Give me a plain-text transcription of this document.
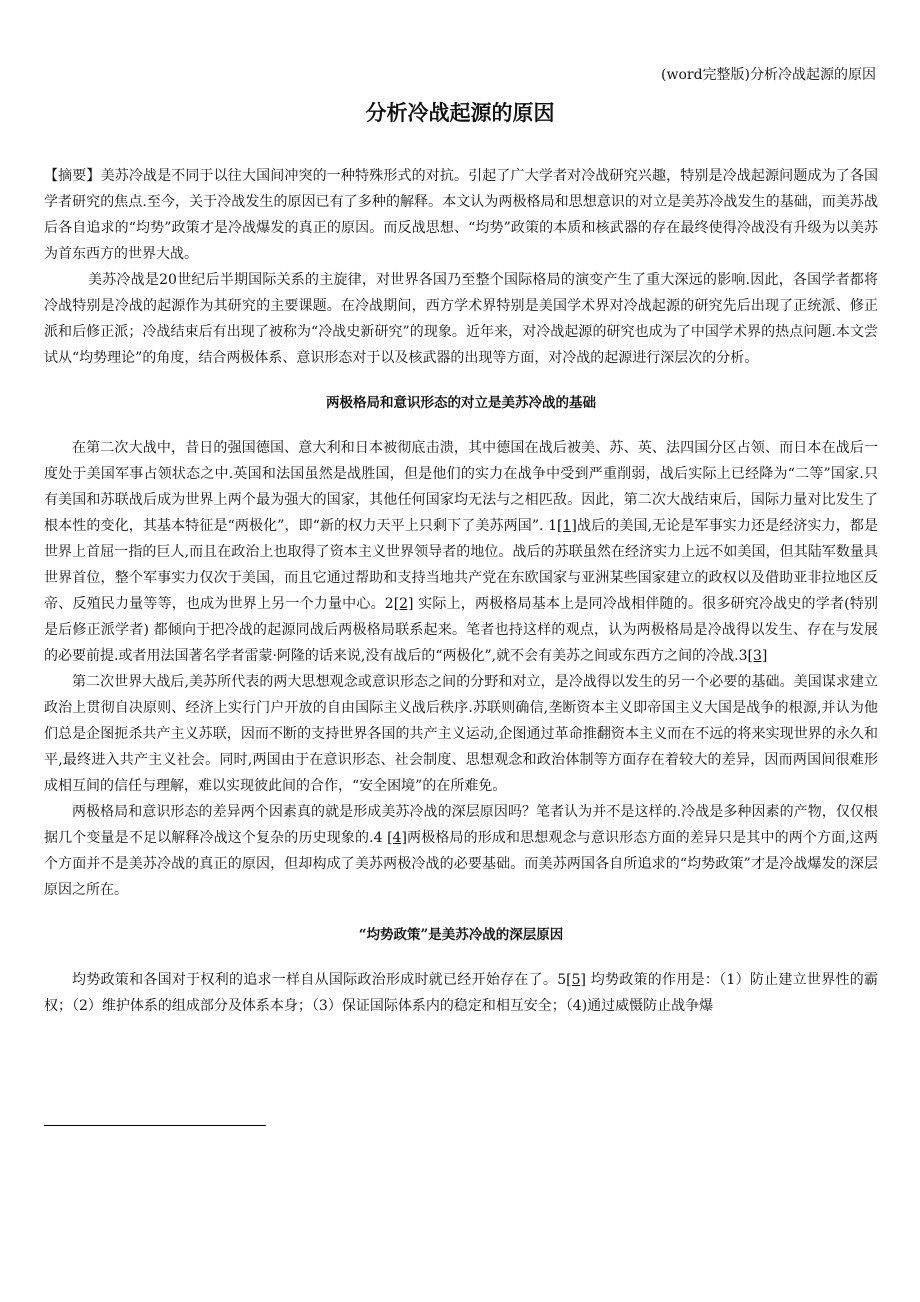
(word完整版)分析冷战起源的原因
分析冷战起源的原因

【摘要】美苏冷战是不同于以往大国间冲突的一种特殊形式的对抗。引起了广大学者对冷战研究兴趣，特别是冷战起源问题成为了各国学者研究的焦点.至今，关于冷战发生的原因已有了多种的解释。本文认为两极格局和思想意识的对立是美苏冷战发生的基础，而美苏战后各自追求的“均势”政策才是冷战爆发的真正的原因。而反战思想、“均势”政策的本质和核武器的存在最终使得冷战没有升级为以美苏为首东西方的世界大战。

美苏冷战是20世纪后半期国际关系的主旋律，对世界各国乃至整个国际格局的演变产生了重大深远的影响.因此，各国学者都将冷战特别是冷战的起源作为其研究的主要课题。在冷战期间，西方学术界特别是美国学术界对冷战起源的研究先后出现了正统派、修正派和后修正派；冷战结束后有出现了被称为“冷战史新研究”的现象。近年来，对冷战起源的研究也成为了中国学术界的热点问题.本文尝试从“均势理论”的角度，结合两极体系、意识形态对于以及核武器的出现等方面，对冷战的起源进行深层次的分析。

两极格局和意识形态的对立是美苏冷战的基础

在第二次大战中，昔日的强国德国、意大利和日本被彻底击溃，其中德国在战后被美、苏、英、法四国分区占领、而日本在战后一度处于美国军事占领状态之中.英国和法国虽然是战胜国，但是他们的实力在战争中受到严重削弱，战后实际上已经降为“二等”国家.只有美国和苏联战后成为世界上两个最为强大的国家，其他任何国家均无法与之相匹敌。因此，第二次大战结束后，国际力量对比发生了根本性的变化，其基本特征是“两极化”，即“新的权力天平上只剩下了美苏两国”. 1[1]战后的美国,无论是军事实力还是经济实力，都是世界上首屈一指的巨人,而且在政治上也取得了资本主义世界领导者的地位。战后的苏联虽然在经济实力上远不如美国，但其陆军数量具世界首位，整个军事实力仅次于美国，而且它通过帮助和支持当地共产党在东欧国家与亚洲某些国家建立的政权以及借助亚非拉地区反帝、反殖民力量等等，也成为世界上另一个力量中心。2[2] 实际上，两极格局基本上是同冷战相伴随的。很多研究冷战史的学者(特别是后修正派学者) 都倾向于把冷战的起源同战后两极格局联系起来。笔者也持这样的观点，认为两极格局是冷战得以发生、存在与发展的必要前提.或者用法国著名学者雷蒙·阿隆的话来说,没有战后的“两极化”,就不会有美苏之间或东西方之间的冷战.3[3]

第二次世界大战后,美苏所代表的两大思想观念或意识形态之间的分野和对立，是冷战得以发生的另一个必要的基础。美国谋求建立政治上贯彻自决原则、经济上实行门户开放的自由国际主义战后秩序.苏联则确信,垄断资本主义即帝国主义大国是战争的根源,并认为他们总是企图扼杀共产主义苏联，因而不断的支持世界各国的共产主义运动,企图通过革命推翻资本主义而在不远的将来实现世界的永久和平,最终进入共产主义社会。同时,两国由于在意识形态、社会制度、思想观念和政治体制等方面存在着较大的差异，因而两国间很难形成相互间的信任与理解，难以实现彼此间的合作，“安全困境”的在所难免。

两极格局和意识形态的差异两个因素真的就是形成美苏冷战的深层原因吗？笔者认为并不是这样的.冷战是多种因素的产物，仅仅根据几个变量是不足以解释冷战这个复杂的历史现象的.4 [4]两极格局的形成和思想观念与意识形态方面的差异只是其中的两个方面,这两个方面并不是美苏冷战的真正的原因，但却构成了美苏两极冷战的必要基础。而美苏两国各自所追求的“均势政策”才是冷战爆发的深层原因之所在。

“均势政策”是美苏冷战的深层原因

均势政策和各国对于权利的追求一样自从国际政治形成时就已经开始存在了。5[5] 均势政策的作用是：（1）防止建立世界性的霸权；（2）维护体系的组成部分及体系本身；（3）保证国际体系内的稳定和相互安全；（4)通过威慑防止战争爆
